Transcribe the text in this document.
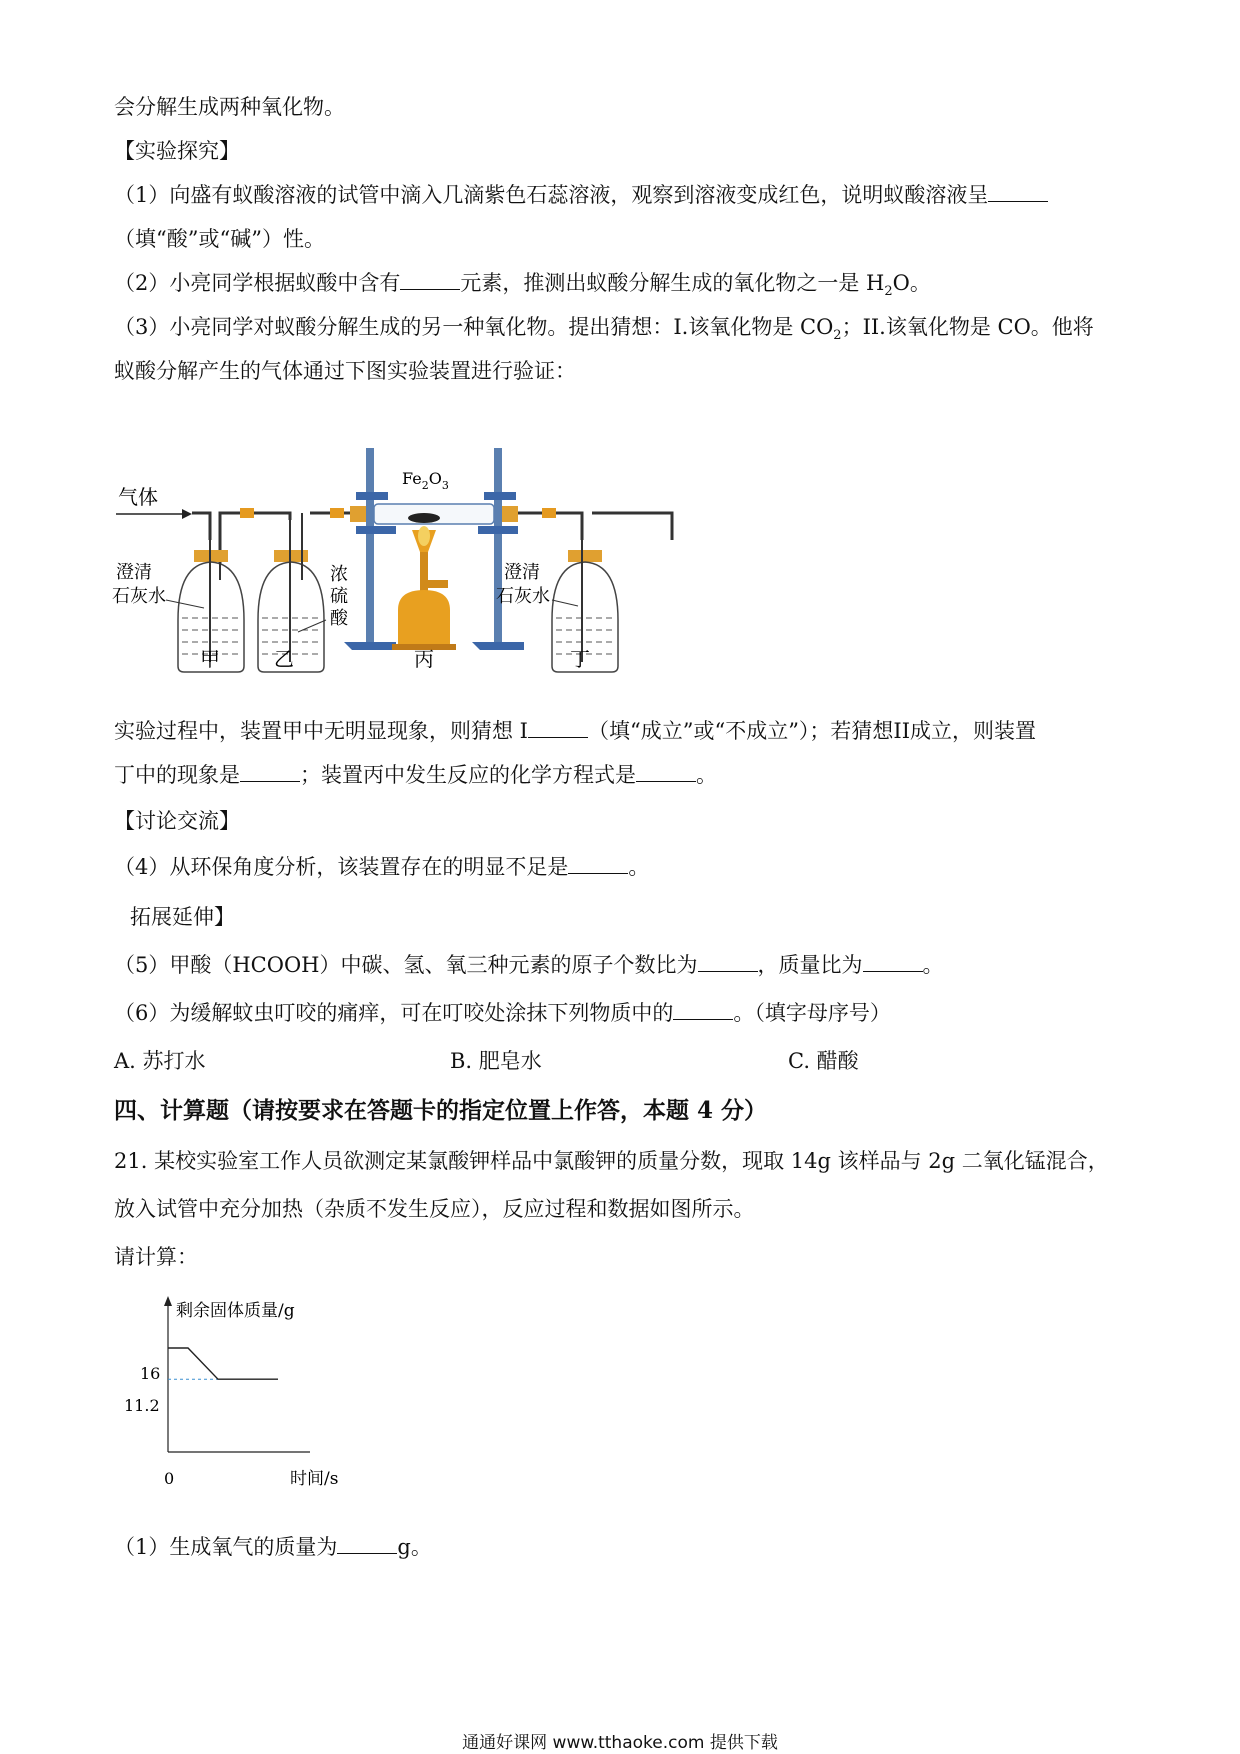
会分解生成两种氧化物。

【实验探究】

（1）向盛有蚁酸溶液的试管中滴入几滴紫色石蕊溶液，观察到溶液变成红色，说明蚁酸溶液呈

（填“酸”或“碱”）性。

（2）小亮同学根据蚁酸中含有	元素，推测出蚁酸分解生成的氧化物之一是 $H_2O$。

（3）小亮同学对蚁酸分解生成的另一种氧化物。提出猜想：I.该氧化物是 $CO_2$；II.该氧化物是 CO。他将

蚁酸分解产生的气体通过下图实验装置进行验证：

气体
澄清
石灰水
甲
浓
硫
酸
乙
$Fe_2O_3$
丙
澄清
石灰水
丁

实验过程中，装置甲中无明显现象，则猜想 I	（填“成立”或“不成立”）；若猜想II成立，则装置

丁中的现象是	；装置丙中发生反应的化学方程式是	。

【讨论交流】

（4）从环保角度分析，该装置存在的明显不足是	。

拓展延伸】

（5）甲酸（HCOOH）中碳、氢、氧三种元素的原子个数比为	，质量比为	。

（6）为缓解蚊虫叮咬的痛痒，可在叮咬处涂抹下列物质中的	。（填字母序号）

A. 苏打水	B. 肥皂水	C. 醋酸

四、计算题（请按要求在答题卡的指定位置上作答，本题 4 分）

21. 某校实验室工作人员欲测定某氯酸钾样品中氯酸钾的质量分数，现取 14g 该样品与 2g 二氧化锰混合，

放入试管中充分加热（杂质不发生反应），反应过程和数据如图所示。

请计算：

剩余固体质量/g
时间/s
0
16
11.2

（1）生成氧气的质量为	g。

通通好课网 www.tthaoke.com 提供下载
